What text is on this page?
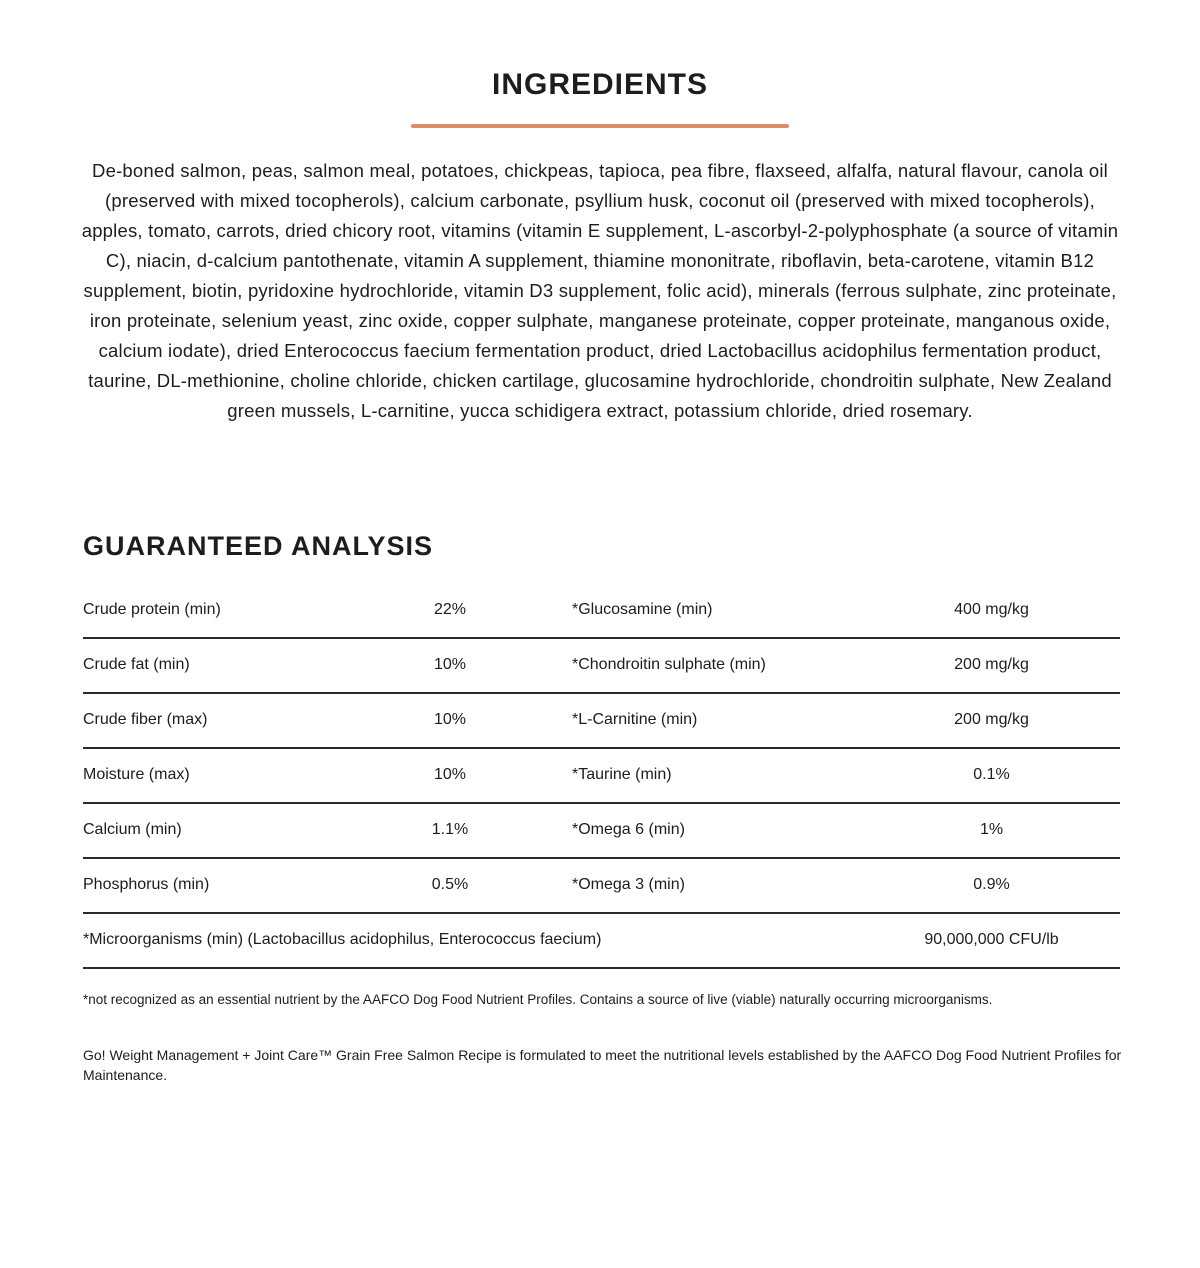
INGREDIENTS

De-boned salmon, peas, salmon meal, potatoes, chickpeas, tapioca, pea fibre, flaxseed, alfalfa, natural flavour, canola oil (preserved with mixed tocopherols), calcium carbonate, psyllium husk, coconut oil (preserved with mixed tocopherols), apples, tomato, carrots, dried chicory root, vitamins (vitamin E supplement, L-ascorbyl-2-polyphosphate (a source of vitamin C), niacin, d-calcium pantothenate, vitamin A supplement, thiamine mononitrate, riboflavin, beta-carotene, vitamin B12 supplement, biotin, pyridoxine hydrochloride, vitamin D3 supplement, folic acid), minerals (ferrous sulphate, zinc proteinate, iron proteinate, selenium yeast, zinc oxide, copper sulphate, manganese proteinate, copper proteinate, manganous oxide, calcium iodate), dried Enterococcus faecium fermentation product, dried Lactobacillus acidophilus fermentation product, taurine, DL-methionine, choline chloride, chicken cartilage, glucosamine hydrochloride, chondroitin sulphate, New Zealand green mussels, L-carnitine, yucca schidigera extract, potassium chloride, dried rosemary.

GUARANTEED ANALYSIS
Crude protein (min)	22%	*Glucosamine (min)	400 mg/kg
Crude fat (min)	10%	*Chondroitin sulphate (min)	200 mg/kg
Crude fiber (max)	10%	*L-Carnitine (min)	200 mg/kg
Moisture (max)	10%	*Taurine (min)	0.1%
Calcium (min)	1.1%	*Omega 6 (min)	1%
Phosphorus (min)	0.5%	*Omega 3 (min)	0.9%
*Microorganisms (min) (Lactobacillus acidophilus, Enterococcus faecium)	90,000,000 CFU/lb

*not recognized as an essential nutrient by the AAFCO Dog Food Nutrient Profiles. Contains a source of live (viable) naturally occurring microorganisms.

Go! Weight Management + Joint Care™ Grain Free Salmon Recipe is formulated to meet the nutritional levels established by the AAFCO Dog Food Nutrient Profiles for Maintenance.
